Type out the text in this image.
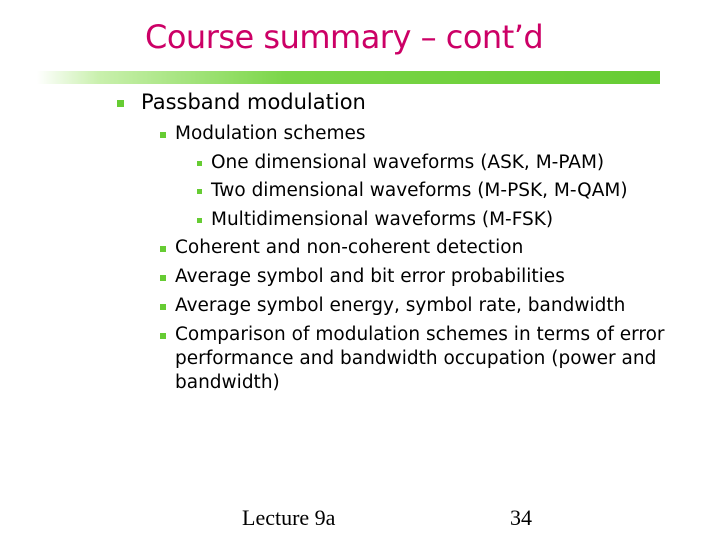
Course summary – cont’d
Passband modulation
Modulation schemes
One dimensional waveforms (ASK, M-PAM)
Two dimensional waveforms (M-PSK, M-QAM)
Multidimensional waveforms (M-FSK)
Coherent and non-coherent detection
Average symbol and bit error probabilities
Average symbol energy, symbol rate, bandwidth
Comparison of modulation schemes in terms of error
performance and bandwidth occupation (power and
bandwidth)
Lecture 9a	34
